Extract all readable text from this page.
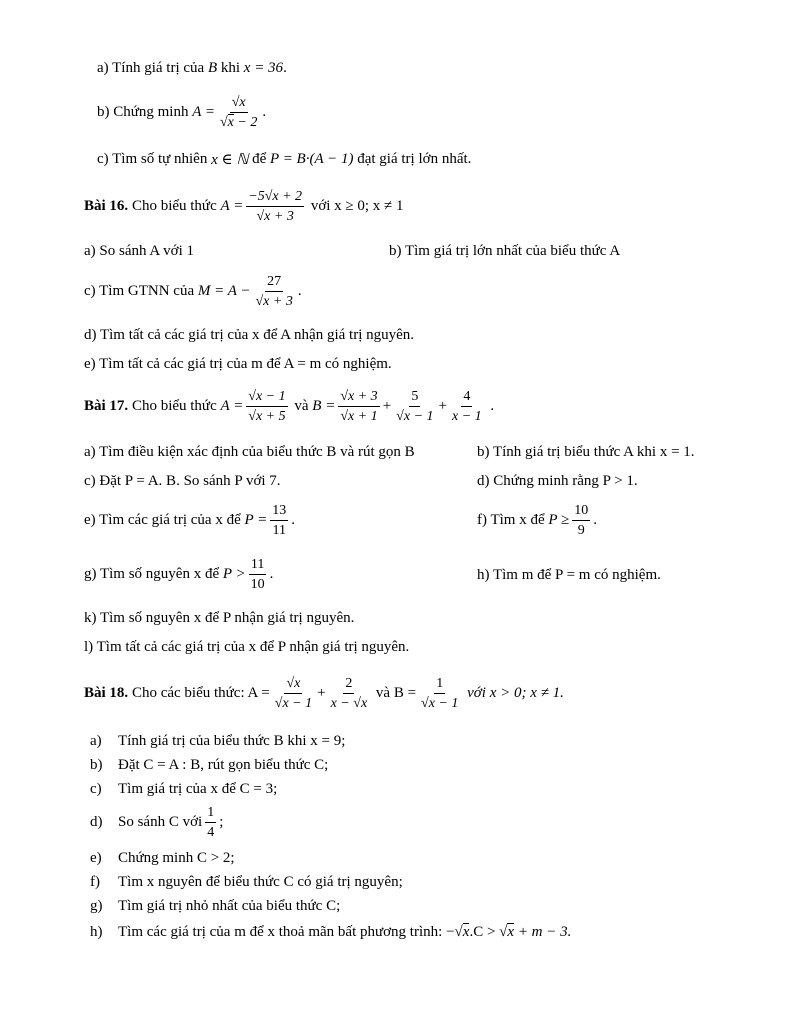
a) Tính giá trị của
B
khi
x = 36 .
b) Chứng minh
$A = \frac{√x}{√x - 2}$ .
c) Tìm số tự nhiên
x ∈ ℕ
để
P = B·(A − 1)
đạt giá trị lớn nhất.
Bài 16.
Cho biểu thức
$A = \frac{-5√x + 2}{√x + 3}$
với x ≥ 0; x ≠ 1
a) So sánh A với 1	b) Tìm giá trị lớn nhất của biểu thức A
c) Tìm GTNN của
$M = A - \frac{27}{√x + 3}$ .
d) Tìm tất cả các giá trị của x để A nhận giá trị nguyên.
e) Tìm tất cả các giá trị của m để A = m có nghiệm.
Bài 17.
Cho biểu thức
$A = \frac{√x - 1}{√x + 5}$
và
$B = \frac{√x + 3}{√x + 1} + \frac{5}{√x - 1} + \frac{4}{x - 1}$ .
a) Tìm điều kiện xác định của biểu thức B và rút gọn B	b) Tính giá trị biểu thức A khi x = 1.
c) Đặt P = A. B. So sánh P với 7.	d) Chứng minh rằng P > 1.
e) Tìm các giá trị của x để
$P = \frac{13}{11}$ .	f) Tìm x để
$P \ge \frac{10}{9}$ .
g) Tìm số nguyên x để
$P > \frac{11}{10}$ .	h) Tìm m để P = m có nghiệm.
k) Tìm số nguyên x để P nhận giá trị nguyên.
l) Tìm tất cả các giá trị của x để P nhận giá trị nguyên.
Bài 18.
Cho các biểu thức: $A = \frac{√x}{√x - 1} + \frac{2}{x - √x}$
và $B = \frac{1}{√x - 1}$
với x > 0; x ≠ 1.
a)	Tính giá trị của biểu thức B khi x = 9;
b)	Đặt C = A : B, rút gọn biểu thức C;
c)	Tìm giá trị của x để C = 3;
d)	So sánh C với $\frac{1}{4}$ ;
e)	Chứng minh C > 2;
f)	Tìm x nguyên để biểu thức C có giá trị nguyên;
g)	Tìm giá trị nhỏ nhất của biểu thức C;
h)	Tìm các giá trị của m để x thoả mãn bất phương trình:
−√x.C > √x + m − 3.
